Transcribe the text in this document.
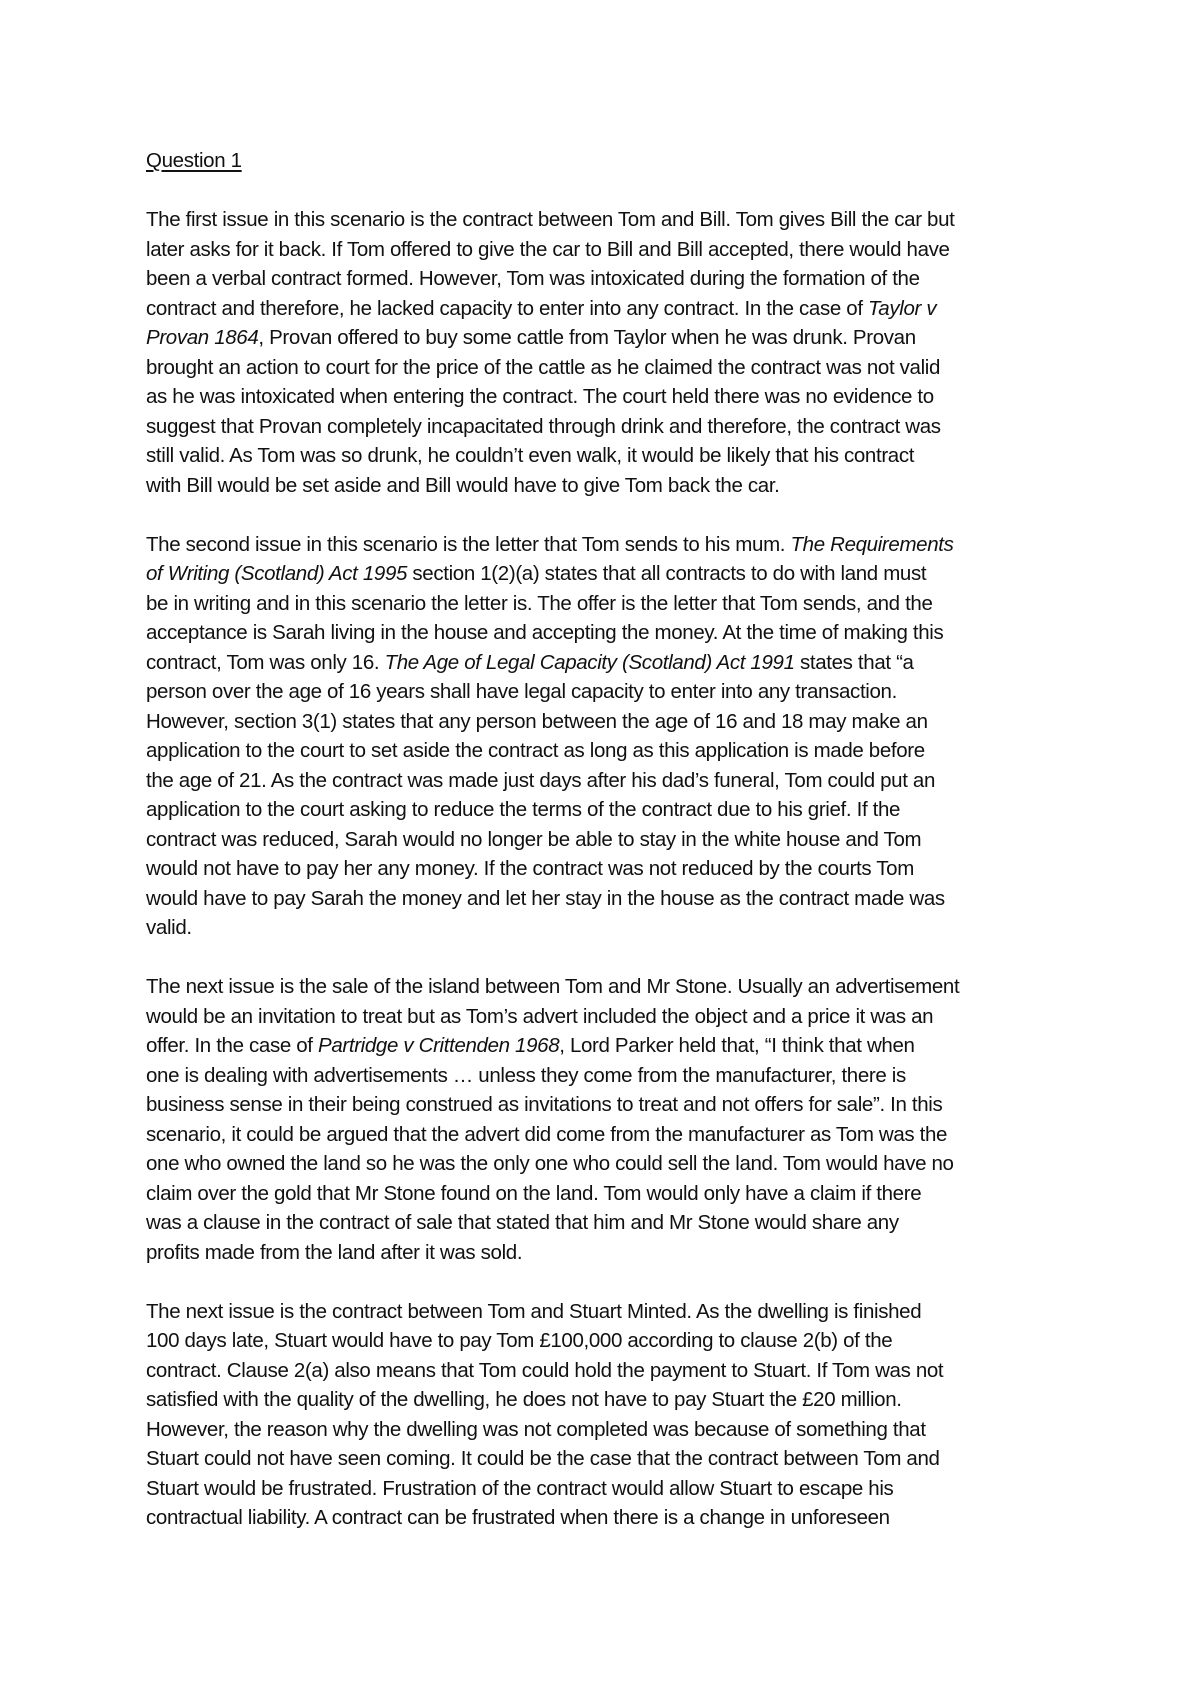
Question 1
The first issue in this scenario is the contract between Tom and Bill. Tom gives Bill the car but
later asks for it back. If Tom offered to give the car to Bill and Bill accepted, there would have
been a verbal contract formed. However, Tom was intoxicated during the formation of the
contract and therefore, he lacked capacity to enter into any contract. In the case of Taylor v
Provan 1864, Provan offered to buy some cattle from Taylor when he was drunk. Provan
brought an action to court for the price of the cattle as he claimed the contract was not valid
as he was intoxicated when entering the contract. The court held there was no evidence to
suggest that Provan completely incapacitated through drink and therefore, the contract was
still valid. As Tom was so drunk, he couldn’t even walk, it would be likely that his contract
with Bill would be set aside and Bill would have to give Tom back the car.
The second issue in this scenario is the letter that Tom sends to his mum. The Requirements
of Writing (Scotland) Act 1995 section 1(2)(a) states that all contracts to do with land must
be in writing and in this scenario the letter is. The offer is the letter that Tom sends, and the
acceptance is Sarah living in the house and accepting the money. At the time of making this
contract, Tom was only 16. The Age of Legal Capacity (Scotland) Act 1991 states that “a
person over the age of 16 years shall have legal capacity to enter into any transaction.
However, section 3(1) states that any person between the age of 16 and 18 may make an
application to the court to set aside the contract as long as this application is made before
the age of 21. As the contract was made just days after his dad’s funeral, Tom could put an
application to the court asking to reduce the terms of the contract due to his grief. If the
contract was reduced, Sarah would no longer be able to stay in the white house and Tom
would not have to pay her any money. If the contract was not reduced by the courts Tom
would have to pay Sarah the money and let her stay in the house as the contract made was
valid.
The next issue is the sale of the island between Tom and Mr Stone. Usually an advertisement
would be an invitation to treat but as Tom’s advert included the object and a price it was an
offer. In the case of Partridge v Crittenden 1968, Lord Parker held that, “I think that when
one is dealing with advertisements … unless they come from the manufacturer, there is
business sense in their being construed as invitations to treat and not offers for sale”. In this
scenario, it could be argued that the advert did come from the manufacturer as Tom was the
one who owned the land so he was the only one who could sell the land. Tom would have no
claim over the gold that Mr Stone found on the land. Tom would only have a claim if there
was a clause in the contract of sale that stated that him and Mr Stone would share any
profits made from the land after it was sold.
The next issue is the contract between Tom and Stuart Minted. As the dwelling is finished
100 days late, Stuart would have to pay Tom £100,000 according to clause 2(b) of the
contract. Clause 2(a) also means that Tom could hold the payment to Stuart. If Tom was not
satisfied with the quality of the dwelling, he does not have to pay Stuart the £20 million.
However, the reason why the dwelling was not completed was because of something that
Stuart could not have seen coming. It could be the case that the contract between Tom and
Stuart would be frustrated. Frustration of the contract would allow Stuart to escape his
contractual liability. A contract can be frustrated when there is a change in unforeseen
